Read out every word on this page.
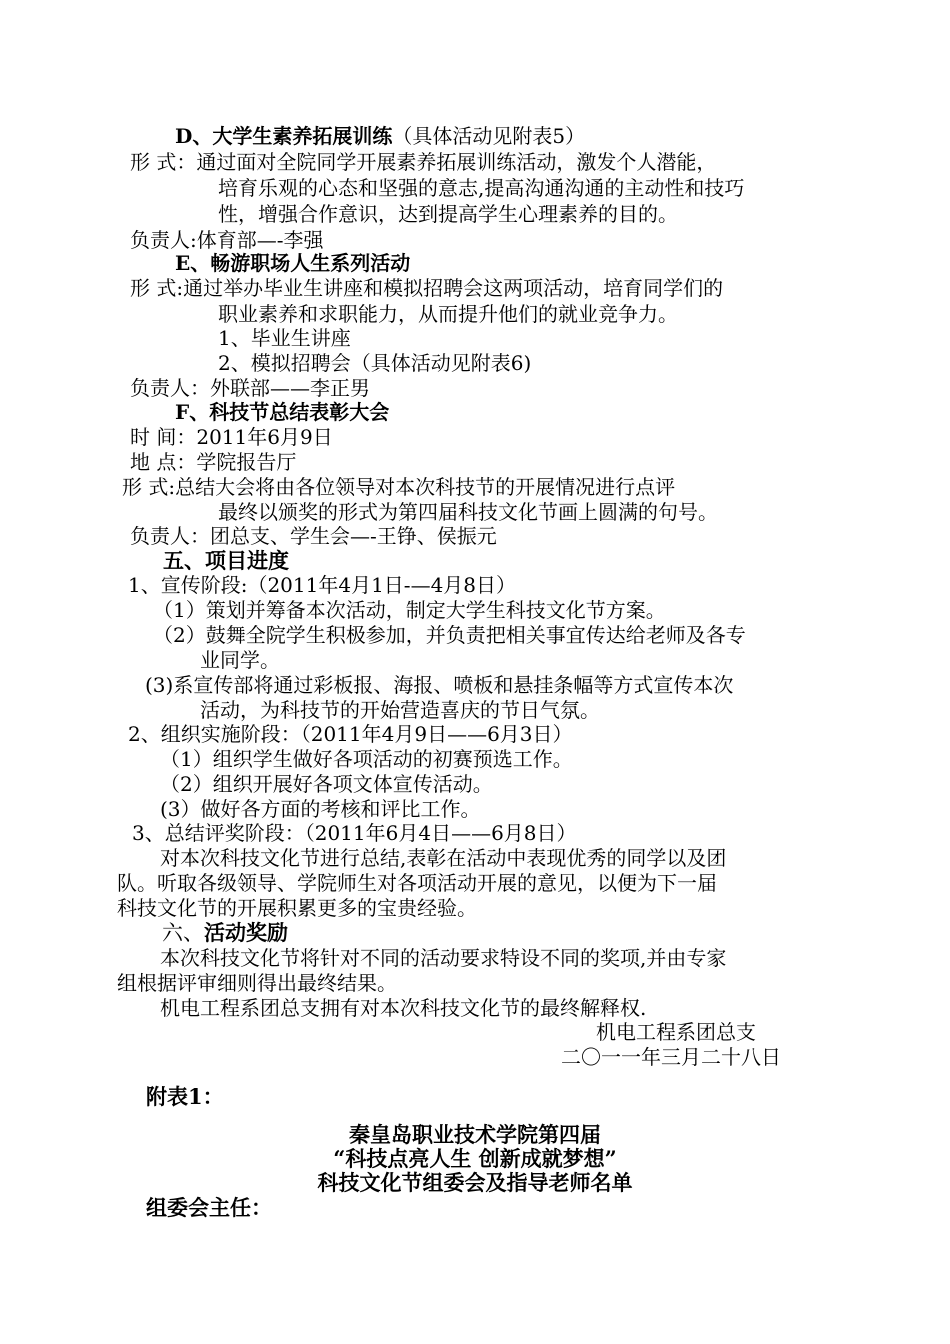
D、大学生素养拓展训练（具体活动见附表5）
形 式：通过面对全院同学开展素养拓展训练活动，激发个人潜能，
培育乐观的心态和坚强的意志,提高沟通沟通的主动性和技巧
性，增强合作意识，达到提高学生心理素养的目的。
负责人:体育部—-李强
E、畅游职场人生系列活动
形 式:通过举办毕业生讲座和模拟招聘会这两项活动，培育同学们的
职业素养和求职能力，从而提升他们的就业竞争力。
1、毕业生讲座
2、模拟招聘会（具体活动见附表6)
负责人：外联部——李正男
F、科技节总结表彰大会
时 间：2011年6月9日
地 点：学院报告厅
形 式:总结大会将由各位领导对本次科技节的开展情况进行点评
最终以颁奖的形式为第四届科技文化节画上圆满的句号。
负责人：团总支、学生会—-王铮、侯振元
五、项目进度
1、宣传阶段:（2011年4月1日-—4月8日）
（1）策划并筹备本次活动，制定大学生科技文化节方案。
（2）鼓舞全院学生积极参加，并负责把相关事宜传达给老师及各专
业同学。
(3)系宣传部将通过彩板报、海报、喷板和悬挂条幅等方式宣传本次
活动，为科技节的开始营造喜庆的节日气氛。
2、组织实施阶段：（2011年4月9日——6月3日）
（1）组织学生做好各项活动的初赛预选工作。
（2）组织开展好各项文体宣传活动。
(3）做好各方面的考核和评比工作。
3、总结评奖阶段：（2011年6月4日——6月8日）
对本次科技文化节进行总结,表彰在活动中表现优秀的同学以及团
队。听取各级领导、学院师生对各项活动开展的意见，以便为下一届
科技文化节的开展积累更多的宝贵经验。
六、活动奖励
本次科技文化节将针对不同的活动要求特设不同的奖项,并由专家
组根据评审细则得出最终结果。
机电工程系团总支拥有对本次科技文化节的最终解释权.
机电工程系团总支
二〇一一年三月二十八日
附表1：
秦皇岛职业技术学院第四届
“科技点亮人生 创新成就梦想”
科技文化节组委会及指导老师名单
组委会主任：
